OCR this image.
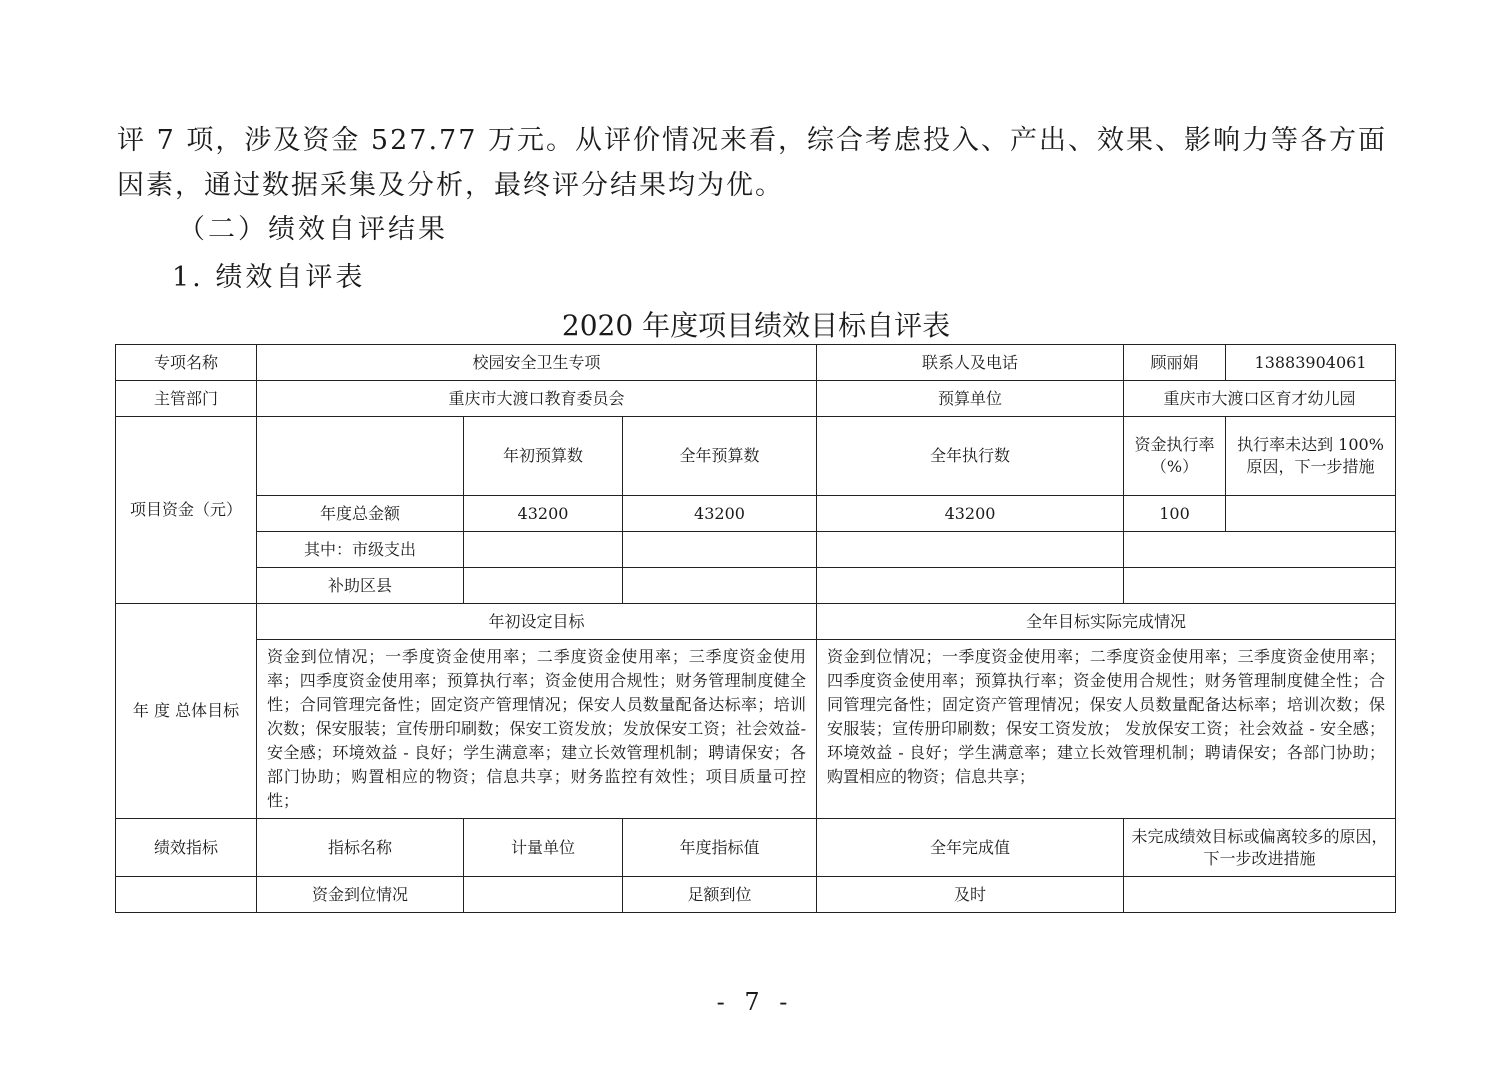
评 7 项，涉及资金 527.77 万元。从评价情况来看，综合考虑投入、产出、效果、影响力等各方面因素，通过数据采集及分析，最终评分结果均为优。

（二）绩效自评结果
1. 绩效自评表
2020 年度项目绩效目标自评表
专项名称	校园安全卫生专项			联系人及电话	顾丽娟	13883904061
主管部门	重庆市大渡口教育委员会			预算单位	重庆市大渡口区育才幼儿园	
项目资金（元）		年初预算数	全年预算数	全年执行数	资金执行率（%）	执行率未达到 100% 原因，下一步措施
	年度总金额	43200	43200	43200	100	
	其中：市级支出					
	补助区县					
年 度 总体目标	年初设定目标			全年目标实际完成情况		
	资金到位情况；一季度资金使用率；二季度资金使用率；三季度资金使用率；四季度资金使用率；预算执行率；资金使用合规性；财务管理制度健全性；合同管理完备性；固定资产管理情况；保安人员数量配备达标率；培训次数；保安服装；宣传册印刷数；保安工资发放；发放保安工资；社会效益- 安全感；环境效益 - 良好；学生满意率；建立长效管理机制；聘请保安；各部门协助；购置相应的物资；信息共享；财务监控有效性；项目质量可控性；			资金到位情况；一季度资金使用率；二季度资金使用率；三季度资金使用率；四季度资金使用率；预算执行率；资金使用合规性；财务管理制度健全性；合同管理完备性；固定资产管理情况；保安人员数量配备达标率；培训次数；保安服装；宣传册印刷数；保安工资发放； 发放保安工资；社会效益 - 安全感；环境效益 - 良好；学生满意率；建立长效管理机制；聘请保安；各部门协助；购置相应的物资；信息共享；		
绩效指标	指标名称	计量单位	年度指标值	全年完成值	未完成绩效目标或偏离较多的原因，下一步改进措施	
	资金到位情况		足额到位	及时		

- 7 -
